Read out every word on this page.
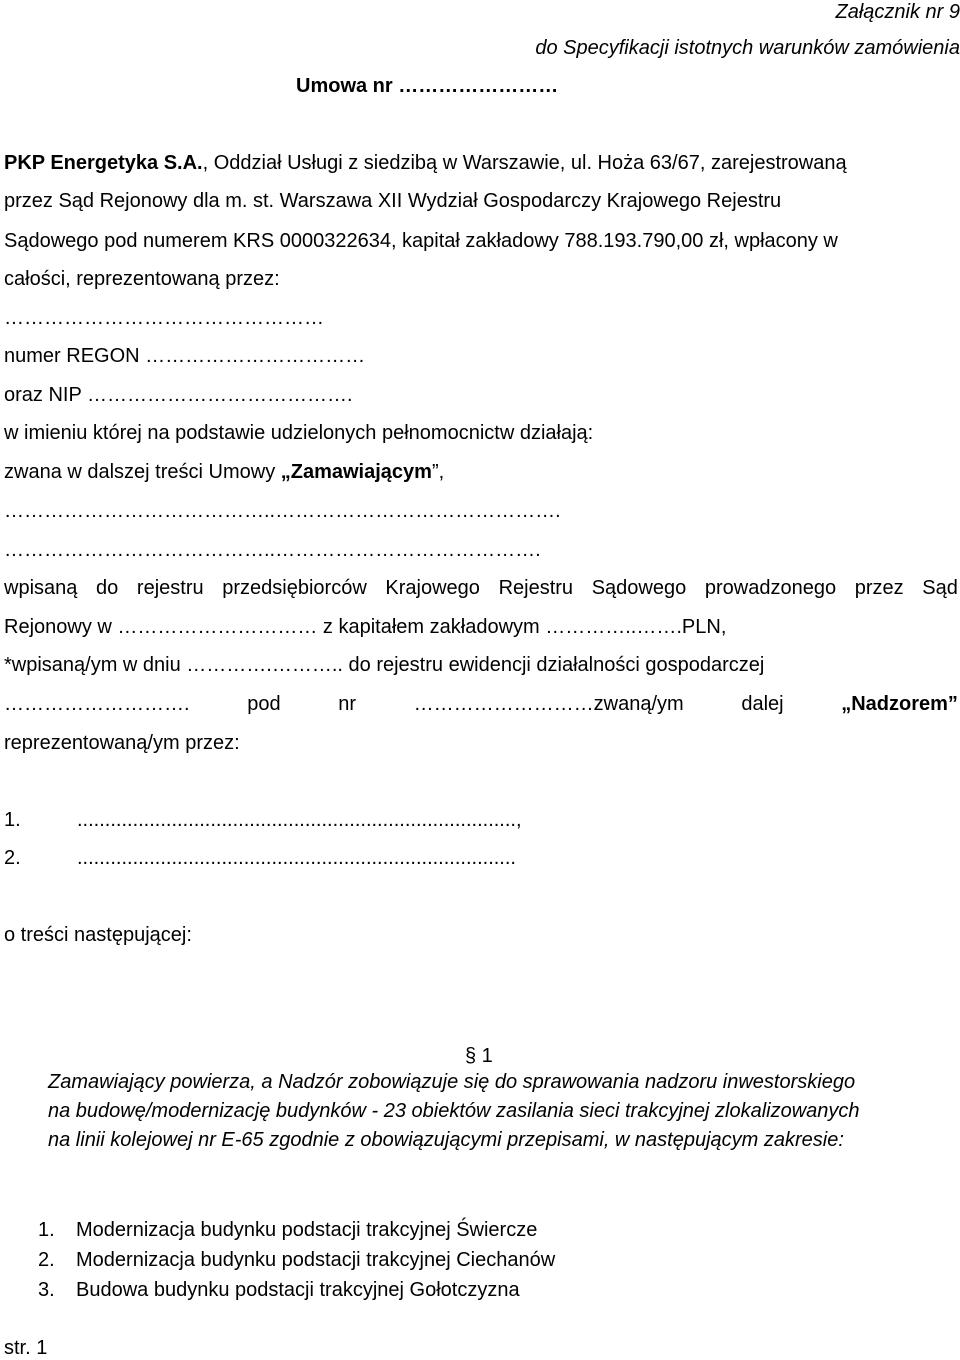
Załącznik nr 9
do Specyfikacji istotnych warunków zamówienia
Umowa nr ……………………
PKP Energetyka S.A., Oddział Usługi z siedzibą w Warszawie, ul. Hoża 63/67, zarejestrowaną
przez Sąd Rejonowy dla m. st. Warszawa XII Wydział Gospodarczy Krajowego Rejestru
Sądowego pod numerem KRS 0000322634, kapitał zakładowy 788.193.790,00 zł, wpłacony w
całości, reprezentowaną przez:
…………………………………………
numer REGON ……………………………
oraz NIP ………………………………….
w imieniu której na podstawie udzielonych pełnomocnictw działają:
zwana w dalszej treści Umowy „Zamawiającym”,
…………………………………..…………………………………….
…………………………………..………………………………….
wpisaną do rejestru przedsiębiorców Krajowego Rejestru Sądowego prowadzonego przez Sąd
Rejonowy w ………………………… z kapitałem zakładowym …………..…….PLN,
*wpisaną/ym w dniu ………….……….. do rejestru ewidencji działalności gospodarczej
……………………….	pod	nr	………………………zwaną/ym	dalej	„Nadzorem”
reprezentowaną/ym przez:
1.	...............................................................................,
2.	...............................................................................
o treści następującej:
§ 1
Zamawiający powierza, a Nadzór zobowiązuje się do sprawowania nadzoru inwestorskiego
na budowę/modernizację budynków - 23 obiektów zasilania sieci trakcyjnej zlokalizowanych
na linii kolejowej nr E-65 zgodnie z obowiązującymi przepisami, w następującym zakresie:
1. Modernizacja budynku podstacji trakcyjnej Świercze
2. Modernizacja budynku podstacji trakcyjnej Ciechanów
3. Budowa budynku podstacji trakcyjnej Gołotczyzna
str. 1
